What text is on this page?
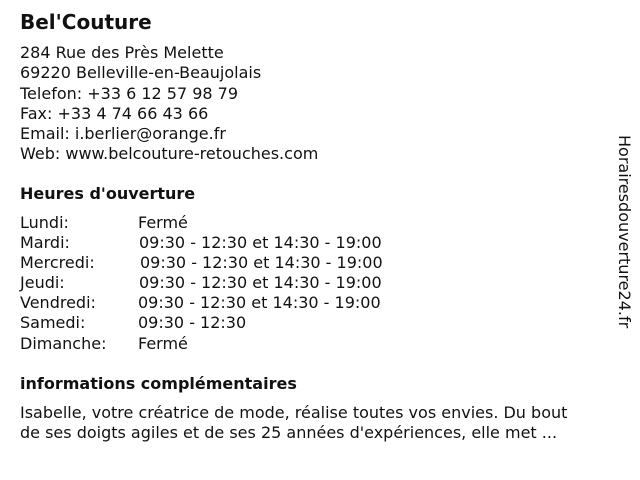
Bel'Couture
284 Rue des Près Melette
69220 Belleville-en-Beaujolais
Telefon: +33 6 12 57 98 79
Fax: +33 4 74 66 43 66
Email: i.berlier@orange.fr
Web: www.belcouture-retouches.com
Heures d'ouverture
Lundi:	Fermé
Mardi:	09:30 - 12:30 et 14:30 - 19:00
Mercredi:	09:30 - 12:30 et 14:30 - 19:00
Jeudi:	09:30 - 12:30 et 14:30 - 19:00
Vendredi:	09:30 - 12:30 et 14:30 - 19:00
Samedi:	09:30 - 12:30
Dimanche: Fermé
informations complémentaires
Isabelle, votre créatrice de mode, réalise toutes vos envies. Du bout
de ses doigts agiles et de ses 25 années d'expériences, elle met ...
Horairesdouverture24.fr
